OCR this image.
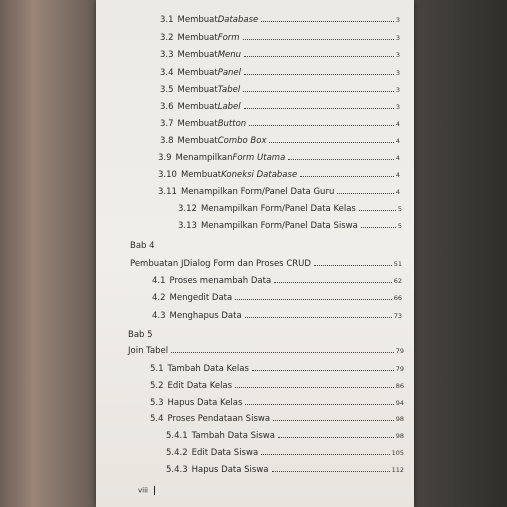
3.1 Membuat Database	3
3.2 Membuat Form	3
3.3 Membuat Menu	3
3.4 Membuat Panel	3
3.5 Membuat Tabel	3
3.6 Membuat Label	3
3.7 Membuat Button	4
3.8 Membuat Combo Box	4
3.9 Menampilkan Form Utama	4
3.10 Membuat Koneksi Database	4
3.11 Menampilkan Form/Panel Data Guru	4
3.12 Menampilkan Form/Panel Data Kelas	5
3.13 Menampilkan Form/Panel Data Siswa	5
Bab 4
Pembuatan JDialog Form dan Proses CRUD	51
4.1 Proses menambah Data	62
4.2 Mengedit Data	66
4.3 Menghapus Data	73
Bab 5
Join Tabel	79
5.1 Tambah Data Kelas	79
5.2 Edit Data Kelas	86
5.3 Hapus Data Kelas	94
5.4 Proses Pendataan Siswa	98
5.4.1 Tambah Data Siswa	98
5.4.2 Edit Data Siswa	105
5.4.3 Hapus Data Siswa	112
viii
